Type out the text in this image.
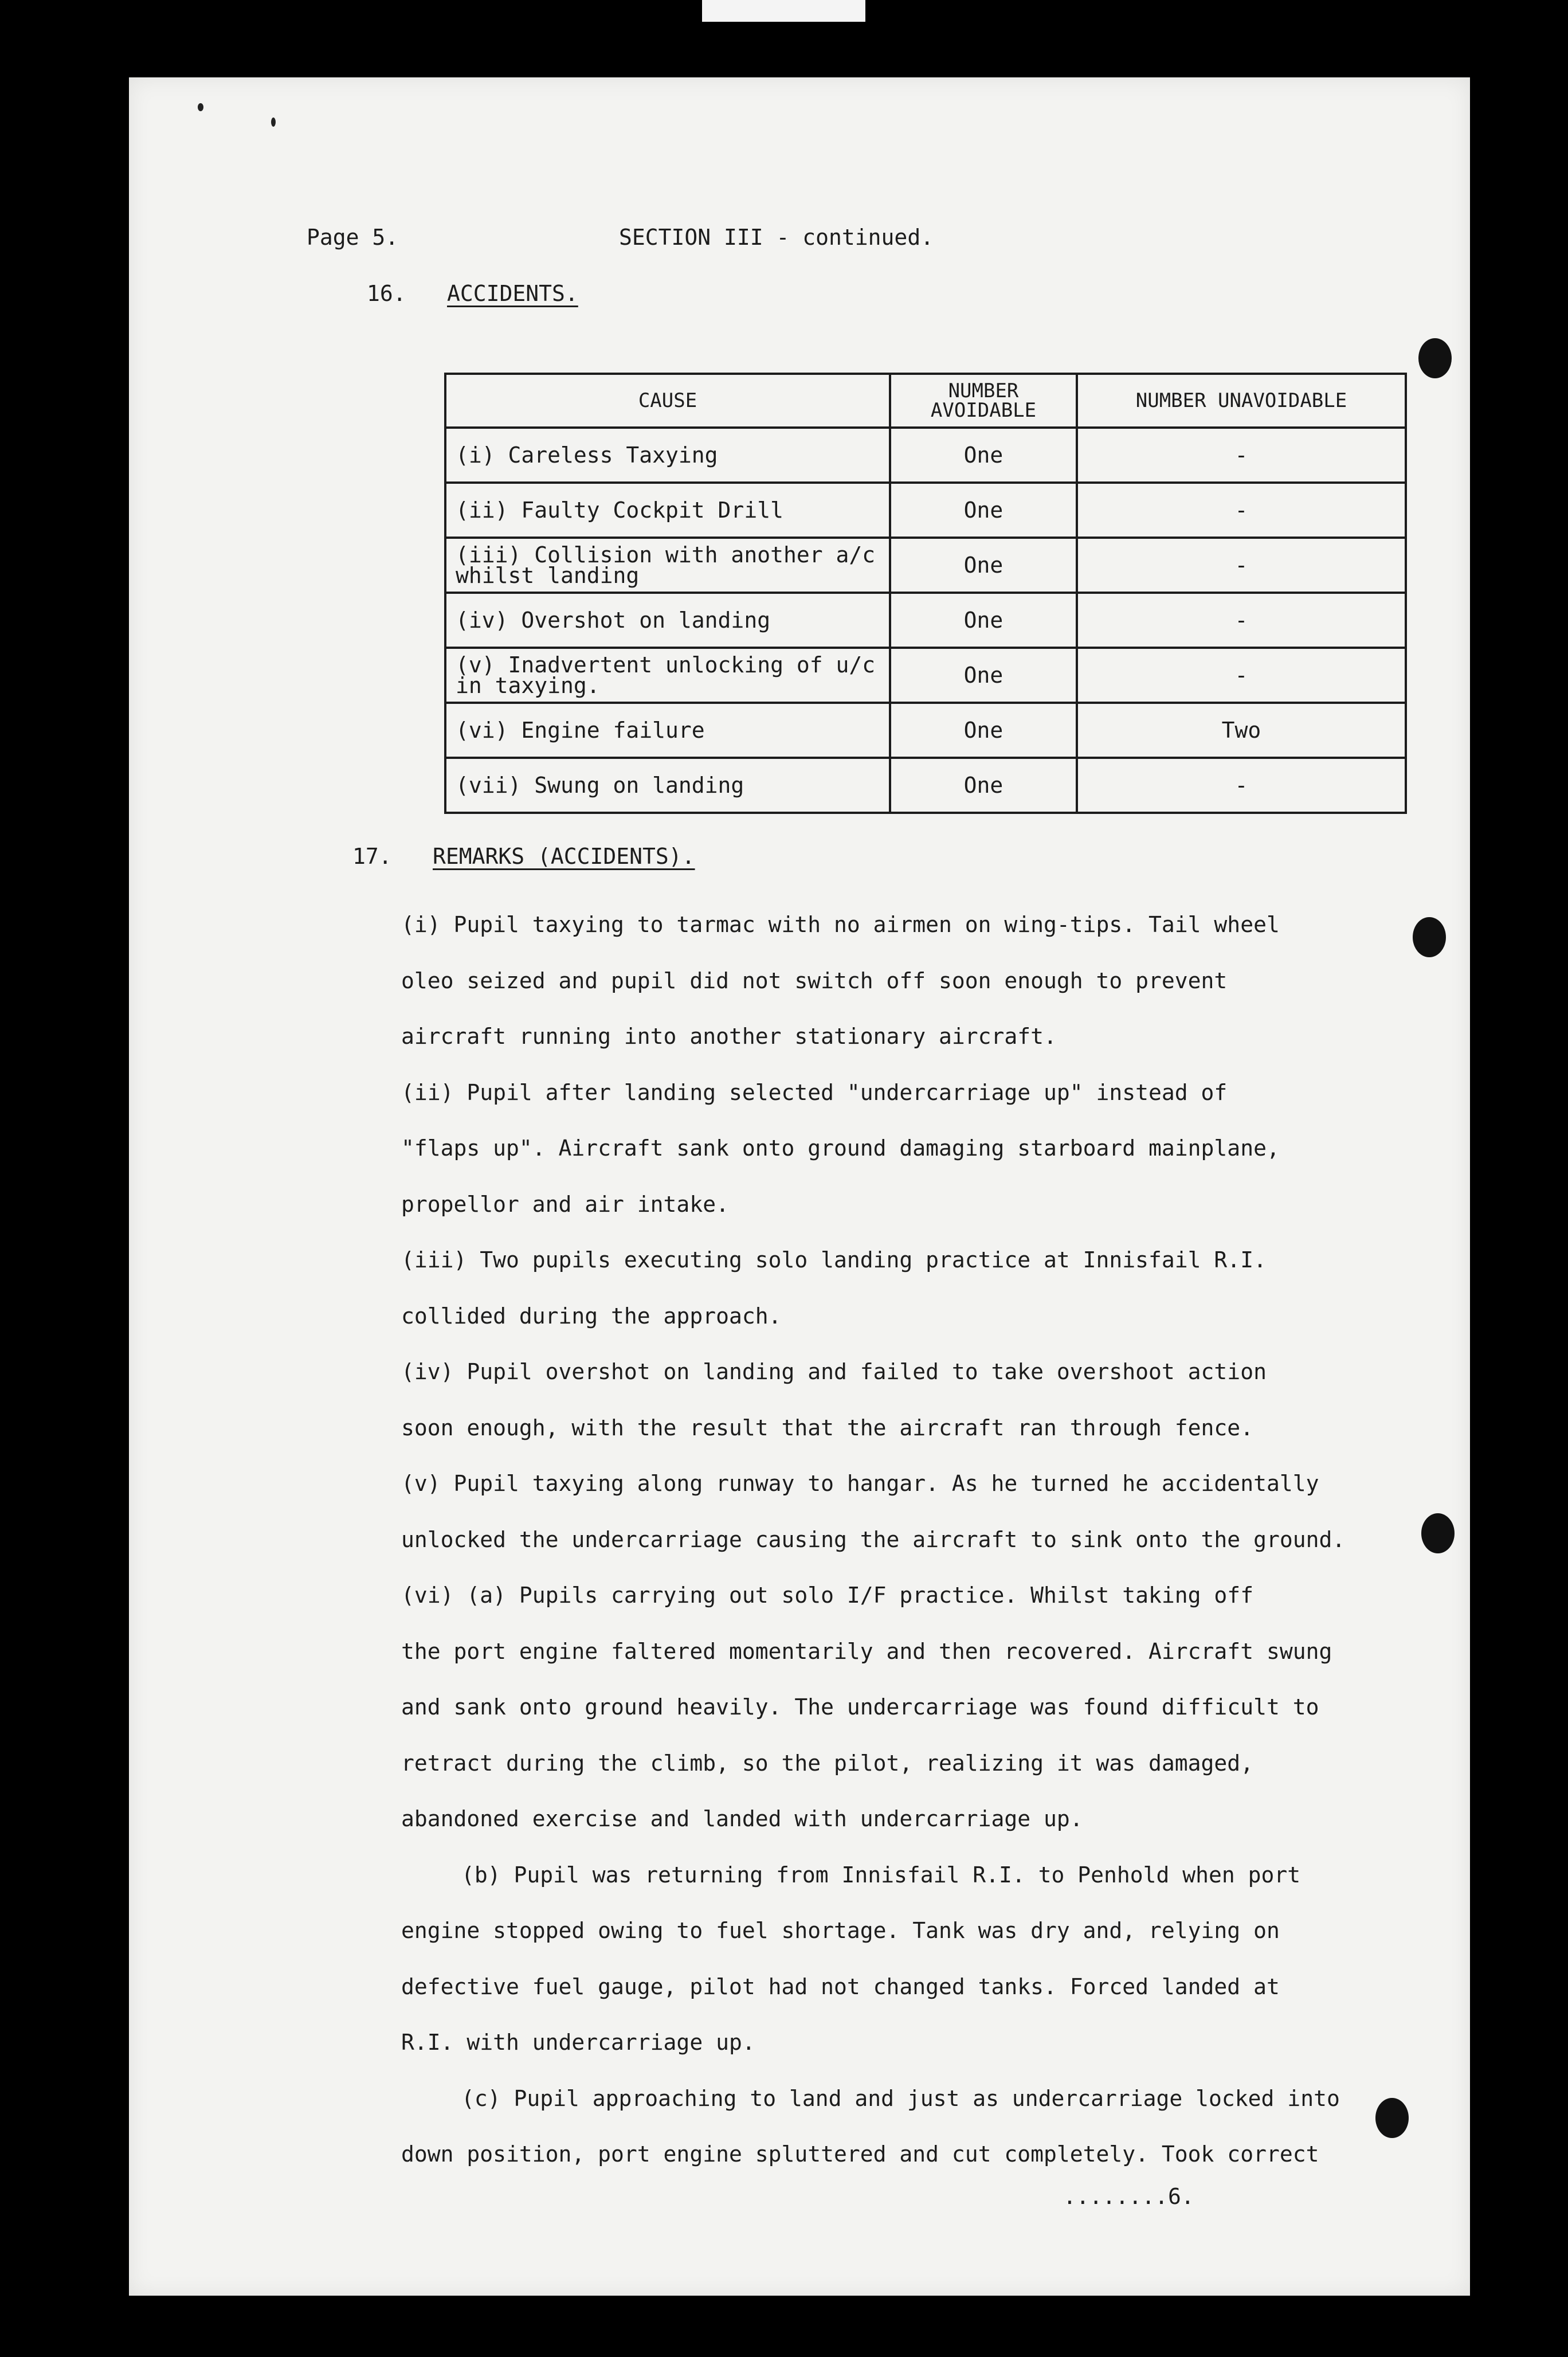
Page 5.	SECTION III - continued.
16. ACCIDENTS.
CAUSE	NUMBER AVOIDABLE	NUMBER UNAVOIDABLE
(i) Careless Taxying	One	-
(ii) Faulty Cockpit Drill	One	-
(iii) Collision with another a/c whilst landing	One	-
(iv) Overshot on landing	One	-
(v) Inadvertent unlocking of u/c in taxying.	One	-
(vi) Engine failure	One	Two
(vii) Swung on landing	One	-
17. REMARKS (ACCIDENTS).

(i) Pupil taxying to tarmac with no airmen on wing-tips. Tail wheel

oleo seized and pupil did not switch off soon enough to prevent

aircraft running into another stationary aircraft.

(ii) Pupil after landing selected "undercarriage up" instead of

"flaps up". Aircraft sank onto ground damaging starboard mainplane,

propellor and air intake.

(iii) Two pupils executing solo landing practice at Innisfail R.I.

collided during the approach.

(iv) Pupil overshot on landing and failed to take overshoot action

soon enough, with the result that the aircraft ran through fence.

(v) Pupil taxying along runway to hangar. As he turned he accidentally

unlocked the undercarriage causing the aircraft to sink onto the ground.

(vi) (a) Pupils carrying out solo I/F practice. Whilst taking off

the port engine faltered momentarily and then recovered. Aircraft swung

and sank onto ground heavily. The undercarriage was found difficult to

retract during the climb, so the pilot, realizing it was damaged,

abandoned exercise and landed with undercarriage up.

(b) Pupil was returning from Innisfail R.I. to Penhold when port

engine stopped owing to fuel shortage. Tank was dry and, relying on

defective fuel gauge, pilot had not changed tanks. Forced landed at

R.I. with undercarriage up.

(c) Pupil approaching to land and just as undercarriage locked into

down position, port engine spluttered and cut completely. Took correct

........6.
